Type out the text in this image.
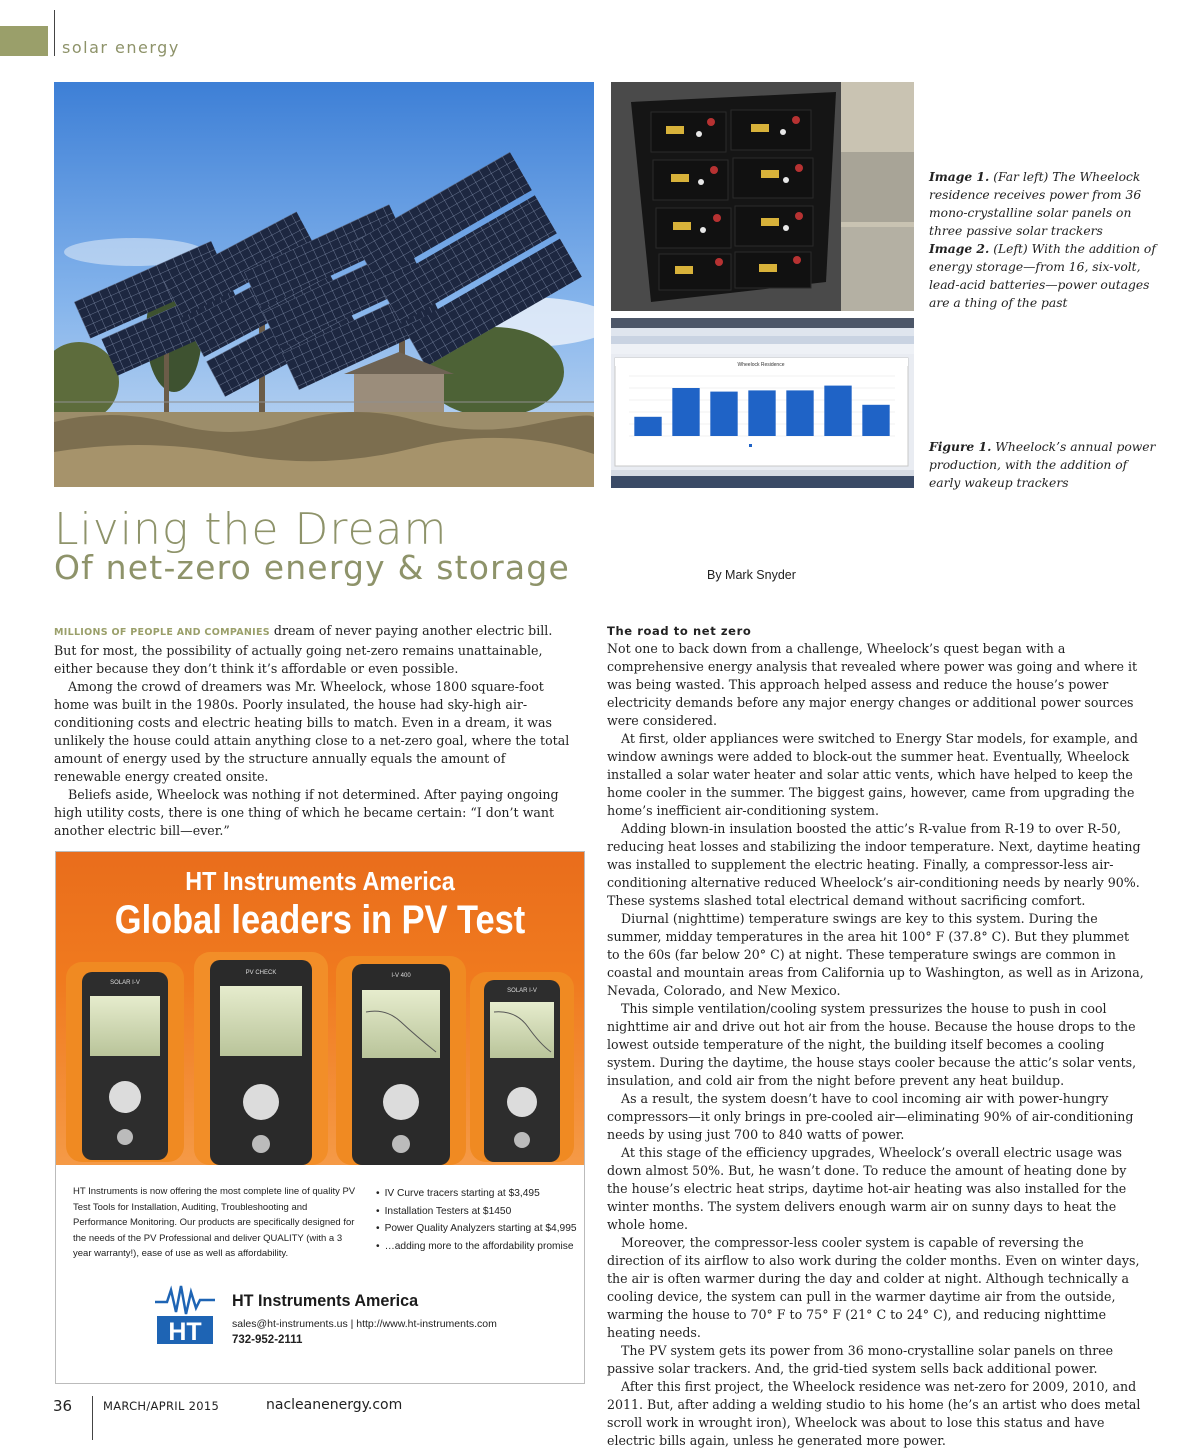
solar energy
Wheelock Residence
Image 1. (Far left) The Wheelock residence receives power from 36 mono-crystalline solar panels on three passive solar trackers
Image 2. (Left) With the addition of energy storage—from 16, six-volt, lead-acid batteries—power outages are a thing of the past
Figure 1. Wheelock’s annual power production, with the addition of early wakeup trackers
Living the Dream
Of net-zero energy & storage	By Mark Snyder

MILLIONS OF PEOPLE AND COMPANIES dream of never paying another electric bill. But for most, the possibility of actually going net-zero remains unattainable, either because they don’t think it’s affordable or even possible.

Among the crowd of dreamers was Mr. Wheelock, whose 1800 square-foot home was built in the 1980s. Poorly insulated, the house had sky-high air-conditioning costs and electric heating bills to match. Even in a dream, it was unlikely the house could attain anything close to a net-zero goal, where the total amount of energy used by the structure annually equals the amount of renewable energy created onsite.

Beliefs aside, Wheelock was nothing if not determined. After paying ongoing high utility costs, there is one thing of which he became certain: “I don’t want another electric bill—ever.”

The road to net zero

Not one to back down from a challenge, Wheelock’s quest began with a comprehensive energy analysis that revealed where power was going and where it was being wasted. This approach helped assess and reduce the house’s power electricity demands before any major energy changes or additional power sources were considered.

At first, older appliances were switched to Energy Star models, for example, and window awnings were added to block-out the summer heat. Eventually, Wheelock installed a solar water heater and solar attic vents, which have helped to keep the home cooler in the summer. The biggest gains, however, came from upgrading the home’s inefficient air-conditioning system.

Adding blown-in insulation boosted the attic’s R-value from R-19 to over R-50, reducing heat losses and stabilizing the indoor temperature. Next, daytime heating was installed to supplement the electric heating. Finally, a compressor-less air-conditioning alternative reduced Wheelock’s air-conditioning needs by nearly 90%. These systems slashed total electrical demand without sacrificing comfort.

Diurnal (nighttime) temperature swings are key to this system. During the summer, midday temperatures in the area hit 100° F (37.8° C). But they plummet to the 60s (far below 20° C) at night. These temperature swings are common in coastal and mountain areas from California up to Washington, as well as in Arizona, Nevada, Colorado, and New Mexico.

This simple ventilation/cooling system pressurizes the house to push in cool nighttime air and drive out hot air from the house. Because the house drops to the lowest outside temperature of the night, the building itself becomes a cooling system. During the daytime, the house stays cooler because the attic’s solar vents, insulation, and cold air from the night before prevent any heat buildup.

As a result, the system doesn’t have to cool incoming air with power-hungry compressors—it only brings in pre-cooled air—eliminating 90% of air-conditioning needs by using just 700 to 840 watts of power.

At this stage of the efficiency upgrades, Wheelock’s overall electric usage was down almost 50%. But, he wasn’t done. To reduce the amount of heating done by the house’s electric heat strips, daytime hot-air heating was also installed for the winter months. The system delivers enough warm air on sunny days to heat the whole home.

Moreover, the compressor-less cooler system is capable of reversing the direction of its airflow to also work during the colder months. Even on winter days, the air is often warmer during the day and colder at night. Although technically a cooling device, the system can pull in the warmer daytime air from the outside, warming the house to 70° F to 75° F (21° C to 24° C), and reducing nighttime heating needs.

The PV system gets its power from 36 mono-crystalline solar panels on three passive solar trackers. And, the grid-tied system sells back additional power.

After this first project, the Wheelock residence was net-zero for 2009, 2010, and 2011. But, after adding a welding studio to his home (he’s an artist who does metal scroll work in wrought iron), Wheelock was about to lose this status and have electric bills again, unless he generated more power.

HT Instruments America
Global leaders in PV Test
SOLAR I-V
PV CHECK	I-V 400
SOLAR I-V
HT Instruments is now offering the most complete line of quality PV Test Tools for Installation, Auditing, Troubleshooting and Performance Monitoring. Our products are specifically designed for the needs of the PV Professional and deliver QUALITY (with a 3 year warranty!), ease of use as well as affordability.
• IV Curve tracers starting at $3,495
• Installation Testers at $1450
• Power Quality Analyzers starting at $4,995
• …adding more to the affordability promise
HT
HT Instruments America
sales@ht-instruments.us | http://www.ht-instruments.com
732-952-2111
36	MARCH/APRIL 2015	nacleanenergy.com
